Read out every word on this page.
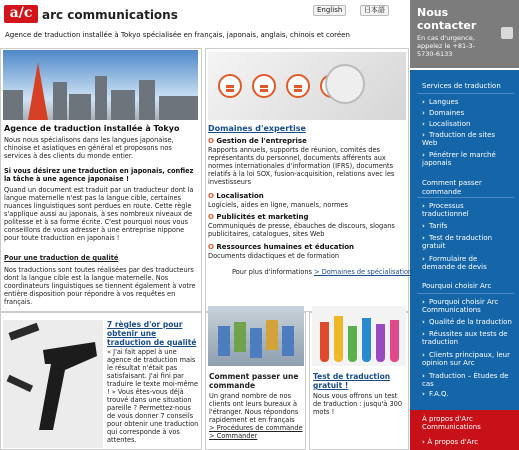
a/c arc communications
Agence de traduction installée à Tokyo spécialisée en français, japonais, anglais, chinois et coréen
English	日本語	Nous contacter
En cas d'urgence, appelez le +81-3-5730-6133
Services de traduction
› Langues
› Domaines
› Localisation
› Traduction de sites Web
› Pénétrer le marché japonais
Comment passer commande
› Processus traductionnel
› Tarifs
› Test de traduction gratuit
› Formulaire de demande de devis
Pourquoi choisir Arc
› Pourquoi choisir Arc Communications
› Qualité de la traduction
› Réussites aux tests de traduction
› Clients principaux, leur opinion sur Arc
› Traduction – Études de cas
› F.A.Q.
À propos d'Arc Communications
› À propos d'Arc
Agence de traduction installée à Tokyo
Nous nous spécialisons dans les langues japonaise, chinoise et asiatiques en général et proposons nos services à des clients du monde entier.
Si vous désirez une traduction en japonais, confiez la tâche à une agence japonaise !
Quand un document est traduit par un traducteur dont la langue maternelle n'est pas la langue cible, certaines nuances linguistiques sont perdues en route. Cette règle s'applique aussi au japonais, à ses nombreux niveaux de politesse et à sa forme écrite. C'est pourquoi nous vous conseillons de vous adresser à une entreprise nippone pour toute traduction en japonais !
Pour une traduction de qualité
Nos traductions sont toutes réalisées par des traducteurs dont la langue cible est la langue maternelle. Nos coordinateurs linguistiques se tiennent également à votre entière disposition pour répondre à vos requêtes en français.
Domaines d'expertise
O Gestion de l'entreprise
Rapports annuels, supports de réunion, comités des représentants du personnel, documents afférents aux normes internationales d'information (IFRS), documents relatifs à la loi SOX, fusion-acquisition, relations avec les investisseurs
O Localisation
Logiciels, aides en ligne, manuels, normes
O Publicités et marketing
Communiqués de presse, ébauches de discours, slogans publicitaires, catalogues, sites Web
O Ressources humaines et éducation
Documents didactiques et de formation
Pour plus d'informations > Domaines de spécialisation
7 règles d'or pour obtenir une traduction de qualité
« J'ai fait appel à une agence de traduction mais le résultat n'était pas satisfaisant. J'ai fini par traduire le texte moi-même ! » Vous êtes-vous déjà trouvé dans une situation pareille ? Permettez-nous de vous donner 7 conseils pour obtenir une traduction qui corresponde à vos attentes.
Comment passer une commande
Un grand nombre de nos clients ont leurs bureaux à l'étranger. Nous répondons rapidement et en français
> Procédures de commande
> Commander
Test de traduction gratuit !
Nous vous offrons un test de traduction : jusqu'à 300 mots !
